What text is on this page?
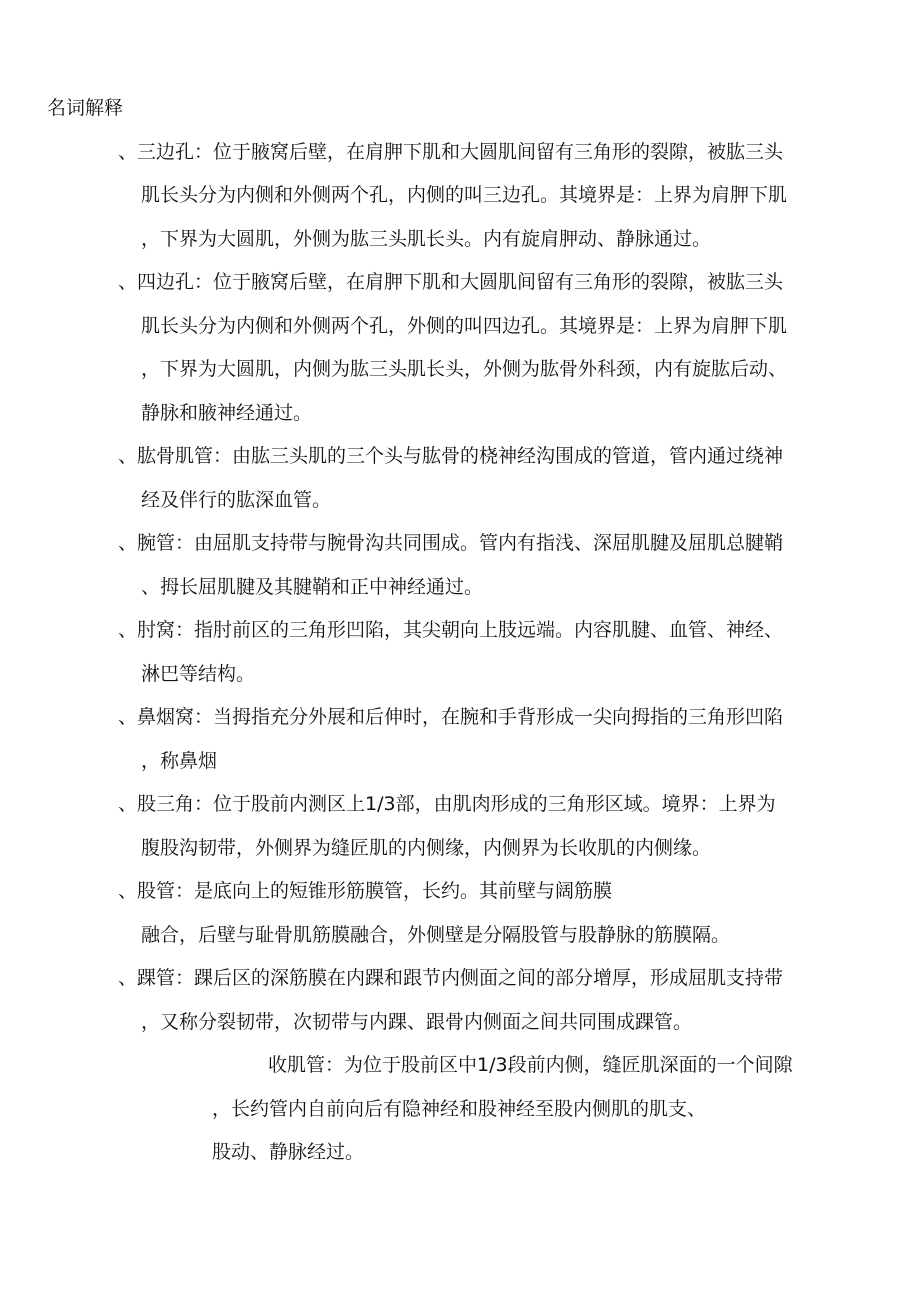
名词解释
、三边孔：位于腋窝后壁，在肩胛下肌和大圆肌间留有三角形的裂隙，被肱三头
肌长头分为内侧和外侧两个孔，内侧的叫三边孔。其境界是：上界为肩胛下肌
，下界为大圆肌，外侧为肱三头肌长头。内有旋肩胛动、静脉通过。
、四边孔：位于腋窝后壁，在肩胛下肌和大圆肌间留有三角形的裂隙，被肱三头
肌长头分为内侧和外侧两个孔，外侧的叫四边孔。其境界是：上界为肩胛下肌
，下界为大圆肌，内侧为肱三头肌长头，外侧为肱骨外科颈，内有旋肱后动、
静脉和腋神经通过。
、肱骨肌管：由肱三头肌的三个头与肱骨的桡神经沟围成的管道，管内通过绕神
经及伴行的肱深血管。
、腕管：由屈肌支持带与腕骨沟共同围成。管内有指浅、深屈肌腱及屈肌总腱鞘
、拇长屈肌腱及其腱鞘和正中神经通过。
、肘窝：指肘前区的三角形凹陷，其尖朝向上肢远端。内容肌腱、血管、神经、
淋巴等结构。
、鼻烟窝：当拇指充分外展和后伸时，在腕和手背形成一尖向拇指的三角形凹陷
，称鼻烟
、股三角：位于股前内测区上1/3部，由肌肉形成的三角形区域。境界：上界为
腹股沟韧带，外侧界为缝匠肌的内侧缘，内侧界为长收肌的内侧缘。
、股管：是底向上的短锥形筋膜管，长约。其前壁与阔筋膜
融合，后壁与耻骨肌筋膜融合，外侧壁是分隔股管与股静脉的筋膜隔。
、踝管：踝后区的深筋膜在内踝和跟节内侧面之间的部分增厚，形成屈肌支持带
，又称分裂韧带，次韧带与内踝、跟骨内侧面之间共同围成踝管。
收肌管：为位于股前区中1/3段前内侧，缝匠肌深面的一个间隙
，长约管内自前向后有隐神经和股神经至股内侧肌的肌支、
股动、静脉经过。
